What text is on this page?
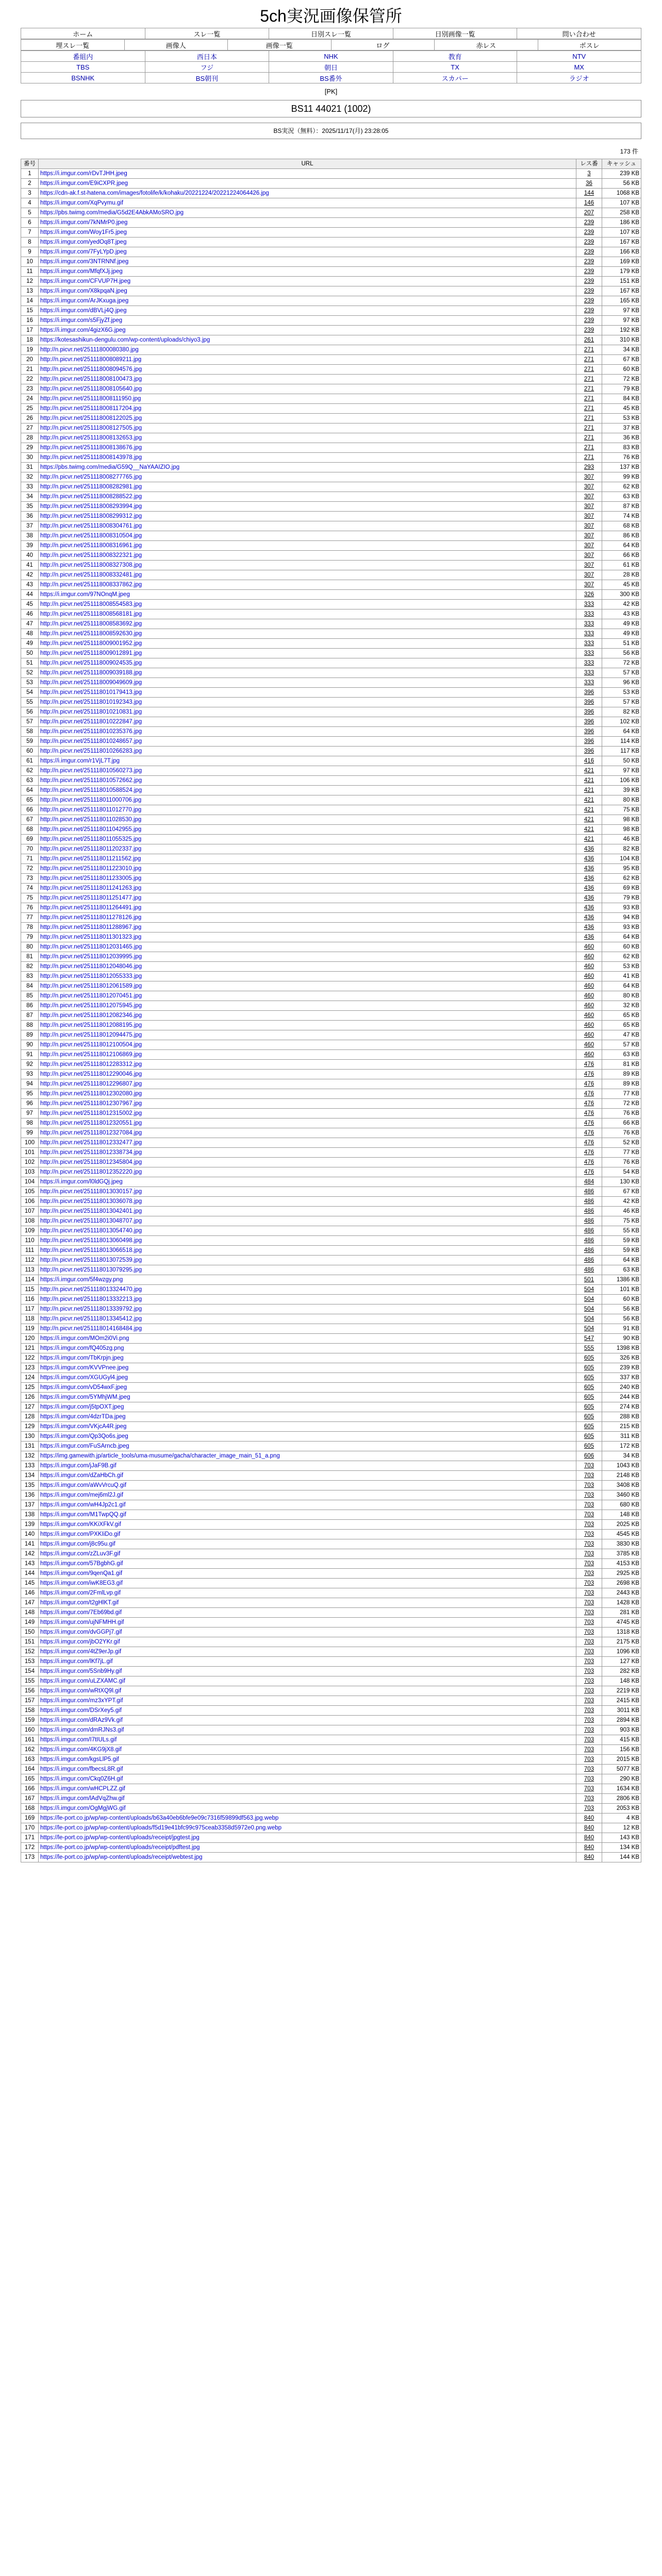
5ch実況画像保管所
ホーム	スレ一覧	日別スレ一覧	日別画像一覧	問い合わせ
埋スレ一覧	画像人	画像一覧	ログ	赤レス	ポスレ
番組内	西日本	NHK	教育	NTV

TBS	フジ	朝日	TX	MX

BSNHK	BS朝刊	BS番外	スカパー	ラジオ
[PK]
BS11 44021 (1002)
BS実況（無料）：2025/11/17(月) 23:28:05
173 件
番号	URL	レス番	キャッシュ
1	https://i.imgur.com/rDvTJHH.jpeg	3	239 KB
2	https://i.imgur.com/E9iCXPR.jpeg	36	56 KB
3	https://cdn-ak.f.st-hatena.com/images/fotolife/k/kohaku/20221224/20221224064426.jpg	144	1068 KB
4	https://i.imgur.com/XqPvymu.gif	146	107 KB
5	https://pbs.twimg.com/media/G5d2E4AbkAMoSRO.jpg	207	258 KB
6	https://i.imgur.com/7kNMrP0.jpeg	239	186 KB
7	https://i.imgur.com/Woy1Fr5.jpeg	239	107 KB
8	https://i.imgur.com/yedOq8T.jpeg	239	167 KB
9	https://i.imgur.com/7FyLYpD.jpeg	239	166 KB
10	https://i.imgur.com/3NTRNNf.jpeg	239	169 KB
11	https://i.imgur.com/MfqfXJj.jpeg	239	179 KB
12	https://i.imgur.com/CFVUP7H.jpeg	239	151 KB
13	https://i.imgur.com/X8kpqaN.jpeg	239	167 KB
14	https://i.imgur.com/ArJKxuga.jpeg	239	165 KB
15	https://i.imgur.com/dBVLj4Q.jpeg	239	97 KB
16	https://i.imgur.com/s5FjyZf.jpeg	239	97 KB
17	https://i.imgur.com/4gizX6G.jpeg	239	192 KB
18	https://kotesashikun-dengulu.com/wp-content/uploads/chiyo3.jpg	261	310 KB
19	http://n.picvr.net/25111800080380.jpg	271	34 KB
20	http://n.picvr.net/251118008089211.jpg	271	67 KB
21	http://n.picvr.net/251118008094576.jpg	271	60 KB
22	http://n.picvr.net/251118008100473.jpg	271	72 KB
23	http://n.picvr.net/251118008105640.jpg	271	79 KB
24	http://n.picvr.net/251118008111950.jpg	271	84 KB
25	http://n.picvr.net/251118008117204.jpg	271	45 KB
26	http://n.picvr.net/251118008122025.jpg	271	53 KB
27	http://n.picvr.net/251118008127505.jpg	271	37 KB
28	http://n.picvr.net/251118008132653.jpg	271	36 KB
29	http://n.picvr.net/251118008138676.jpg	271	83 KB
30	http://n.picvr.net/251118008143978.jpg	271	76 KB
31	https://pbs.twimg.com/media/G59Q__NaYAAIZIO.jpg	293	137 KB
32	http://n.picvr.net/251118008277765.jpg	307	99 KB
33	http://n.picvr.net/251118008282981.jpg	307	62 KB
34	http://n.picvr.net/251118008288522.jpg	307	63 KB
35	http://n.picvr.net/251118008293994.jpg	307	87 KB
36	http://n.picvr.net/251118008299312.jpg	307	74 KB
37	http://n.picvr.net/251118008304761.jpg	307	68 KB
38	http://n.picvr.net/251118008310504.jpg	307	86 KB
39	http://n.picvr.net/251118008316961.jpg	307	64 KB
40	http://n.picvr.net/251118008322321.jpg	307	66 KB
41	http://n.picvr.net/251118008327308.jpg	307	61 KB
42	http://n.picvr.net/251118008332481.jpg	307	28 KB
43	http://n.picvr.net/251118008337862.jpg	307	45 KB
44	https://i.imgur.com/97NOnqM.jpeg	326	300 KB
45	http://n.picvr.net/251118008554583.jpg	333	42 KB
46	http://n.picvr.net/251118008568181.jpg	333	43 KB
47	http://n.picvr.net/251118008583692.jpg	333	49 KB
48	http://n.picvr.net/251118008592630.jpg	333	49 KB
49	http://n.picvr.net/251118009001952.jpg	333	51 KB
50	http://n.picvr.net/251118009012891.jpg	333	56 KB
51	http://n.picvr.net/251118009024535.jpg	333	72 KB
52	http://n.picvr.net/251118009039188.jpg	333	57 KB
53	http://n.picvr.net/251118009049609.jpg	333	96 KB
54	http://n.picvr.net/251118010179413.jpg	396	53 KB
55	http://n.picvr.net/251118010192343.jpg	396	57 KB
56	http://n.picvr.net/251118010210831.jpg	396	82 KB
57	http://n.picvr.net/251118010222847.jpg	396	102 KB
58	http://n.picvr.net/251118010235376.jpg	396	64 KB
59	http://n.picvr.net/251118010248657.jpg	396	114 KB
60	http://n.picvr.net/251118010266283.jpg	396	117 KB
61	https://i.imgur.com/r1VjL7T.jpg	416	50 KB
62	http://n.picvr.net/251118010560273.jpg	421	97 KB
63	http://n.picvr.net/251118010572662.jpg	421	106 KB
64	http://n.picvr.net/251118010588524.jpg	421	39 KB
65	http://n.picvr.net/251118011000706.jpg	421	80 KB
66	http://n.picvr.net/251118011012770.jpg	421	75 KB
67	http://n.picvr.net/251118011028530.jpg	421	98 KB
68	http://n.picvr.net/251118011042955.jpg	421	98 KB
69	http://n.picvr.net/251118011055325.jpg	421	46 KB
70	http://n.picvr.net/251118011202337.jpg	436	82 KB
71	http://n.picvr.net/251118011211562.jpg	436	104 KB
72	http://n.picvr.net/251118011223010.jpg	436	95 KB
73	http://n.picvr.net/251118011233005.jpg	436	62 KB
74	http://n.picvr.net/251118011241263.jpg	436	69 KB
75	http://n.picvr.net/251118011251477.jpg	436	79 KB
76	http://n.picvr.net/251118011264491.jpg	436	93 KB
77	http://n.picvr.net/251118011278126.jpg	436	94 KB
78	http://n.picvr.net/251118011288967.jpg	436	93 KB
79	http://n.picvr.net/251118011301323.jpg	436	64 KB
80	http://n.picvr.net/251118012031465.jpg	460	60 KB
81	http://n.picvr.net/251118012039995.jpg	460	62 KB
82	http://n.picvr.net/251118012048046.jpg	460	53 KB
83	http://n.picvr.net/251118012055333.jpg	460	41 KB
84	http://n.picvr.net/251118012061589.jpg	460	64 KB
85	http://n.picvr.net/251118012070451.jpg	460	80 KB
86	http://n.picvr.net/251118012075945.jpg	460	32 KB
87	http://n.picvr.net/251118012082346.jpg	460	65 KB
88	http://n.picvr.net/251118012088195.jpg	460	65 KB
89	http://n.picvr.net/251118012094475.jpg	460	47 KB
90	http://n.picvr.net/251118012100504.jpg	460	57 KB
91	http://n.picvr.net/251118012106869.jpg	460	63 KB
92	http://n.picvr.net/251118012283312.jpg	476	81 KB
93	http://n.picvr.net/251118012290046.jpg	476	89 KB
94	http://n.picvr.net/251118012296807.jpg	476	89 KB
95	http://n.picvr.net/251118012302080.jpg	476	77 KB
96	http://n.picvr.net/251118012307967.jpg	476	72 KB
97	http://n.picvr.net/251118012315002.jpg	476	76 KB
98	http://n.picvr.net/251118012320551.jpg	476	66 KB
99	http://n.picvr.net/251118012327084.jpg	476	76 KB
100	http://n.picvr.net/251118012332477.jpg	476	52 KB
101	http://n.picvr.net/251118012338734.jpg	476	77 KB
102	http://n.picvr.net/251118012345804.jpg	476	76 KB
103	http://n.picvr.net/251118012352220.jpg	476	54 KB
104	https://i.imgur.com/l0ldGQj.jpeg	484	130 KB
105	http://n.picvr.net/251118013030157.jpg	486	67 KB
106	http://n.picvr.net/251118013036078.jpg	486	42 KB
107	http://n.picvr.net/251118013042401.jpg	486	46 KB
108	http://n.picvr.net/251118013048707.jpg	486	75 KB
109	http://n.picvr.net/251118013054740.jpg	486	55 KB
110	http://n.picvr.net/251118013060498.jpg	486	59 KB
111	http://n.picvr.net/251118013066518.jpg	486	59 KB
112	http://n.picvr.net/251118013072539.jpg	486	64 KB
113	http://n.picvr.net/251118013079295.jpg	486	63 KB
114	https://i.imgur.com/5f4wzgy.png	501	1386 KB
115	http://n.picvr.net/251118013324470.jpg	504	101 KB
116	http://n.picvr.net/251118013332213.jpg	504	60 KB
117	http://n.picvr.net/251118013339792.jpg	504	56 KB
118	http://n.picvr.net/251118013345412.jpg	504	56 KB
119	http://n.picvr.net/251118014168484.jpg	504	91 KB
120	https://i.imgur.com/MOm2i0Vi.png	547	90 KB
121	https://i.imgur.com/fQ405zg.png	555	1398 KB
122	https://i.imgur.com/TbKrpjn.jpeg	605	326 KB
123	https://i.imgur.com/KVVPnee.jpeg	605	239 KB
124	https://i.imgur.com/XGUGyl4.jpeg	605	337 KB
125	https://i.imgur.com/vD54wxF.jpeg	605	240 KB
126	https://i.imgur.com/5YMhjWM.jpeg	605	244 KB
127	https://i.imgur.com/j5tpOXT.jpeg	605	274 KB
128	https://i.imgur.com/4dzrTDa.jpeg	605	288 KB
129	https://i.imgur.com/VKjcA4R.jpeg	605	215 KB
130	https://i.imgur.com/Qp3Qo6s.jpeg	605	311 KB
131	https://i.imgur.com/FuSArncb.jpeg	605	172 KB
132	https://img.gamewith.jp/article_tools/uma-musume/gacha/character_image_main_51_a.png	606	34 KB
133	https://i.imgur.com/jJaF9B.gif	703	1043 KB
134	https://i.imgur.com/dZaHbCh.gif	703	2148 KB
135	https://i.imgur.com/aWvVrcuQ.gif	703	3408 KB
136	https://i.imgur.com/mej6ml2J.gif	703	3460 KB
137	https://i.imgur.com/wH4Jp2c1.gif	703	680 KB
138	https://i.imgur.com/M1TwpQQ.gif	703	148 KB
139	https://i.imgur.com/KKiXFkV.gif	703	2025 KB
140	https://i.imgur.com/PXKIiDo.gif	703	4545 KB
141	https://i.imgur.com/j8c95u.gif	703	3830 KB
142	https://i.imgur.com/zZLuv3F.gif	703	3785 KB
143	https://i.imgur.com/57BgbhG.gif	703	4153 KB
144	https://i.imgur.com/9qenQa1.gif	703	2925 KB
145	https://i.imgur.com/iwK8EG3.gif	703	2698 KB
146	https://i.imgur.com/2FmlLvp.gif	703	2443 KB
147	https://i.imgur.com/t2gHlKT.gif	703	1428 KB
148	https://i.imgur.com/7Eb69bd.gif	703	281 KB
149	https://i.imgur.com/ujNFMHH.gif	703	4745 KB
150	https://i.imgur.com/dvGGPj7.gif	703	1318 KB
151	https://i.imgur.com/jbO2YKr.gif	703	2175 KB
152	https://i.imgur.com/4tZ9erJp.gif	703	1096 KB
153	https://i.imgur.com/lKf7jL.gif	703	127 KB
154	https://i.imgur.com/5Snb9Hy.gif	703	282 KB
155	https://i.imgur.com/uLZXAMC.gif	703	148 KB
156	https://i.imgur.com/wRtXQ9l.gif	703	2219 KB
157	https://i.imgur.com/mz3xYPT.gif	703	2415 KB
158	https://i.imgur.com/DSrXey5.gif	703	3011 KB
159	https://i.imgur.com/dRAz9Vk.gif	703	2894 KB
160	https://i.imgur.com/dmRJNs3.gif	703	903 KB
161	https://i.imgur.com/I7tIULs.gif	703	415 KB
162	https://i.imgur.com/4KG9jX8.gif	703	156 KB
163	https://i.imgur.com/kgsLlP5.gif	703	2015 KB
164	https://i.imgur.com/fbecsL8R.gif	703	5077 KB
165	https://i.imgur.com/Ckq0Z6H.gif	703	290 KB
166	https://i.imgur.com/wHCPLZZ.gif	703	1634 KB
167	https://i.imgur.com/lAdVqZhw.gif	703	2806 KB
168	https://i.imgur.com/OgMgjWG.gif	703	2053 KB
169	https://le-port.co.jp/wp/wp-content/uploads/b63a40eb6bfe9e09c7316f59899df563.jpg.webp	840	4 KB
170	https://le-port.co.jp/wp/wp-content/uploads/f5d19e41bfc99c975ceab3358d5972e0.png.webp	840	12 KB
171	https://le-port.co.jp/wp/wp-content/uploads/receipt/jpgtest.jpg	840	143 KB
172	https://le-port.co.jp/wp/wp-content/uploads/receipt/pdftest.jpg	840	134 KB
173	https://le-port.co.jp/wp/wp-content/uploads/receipt/webtest.jpg	840	144 KB
